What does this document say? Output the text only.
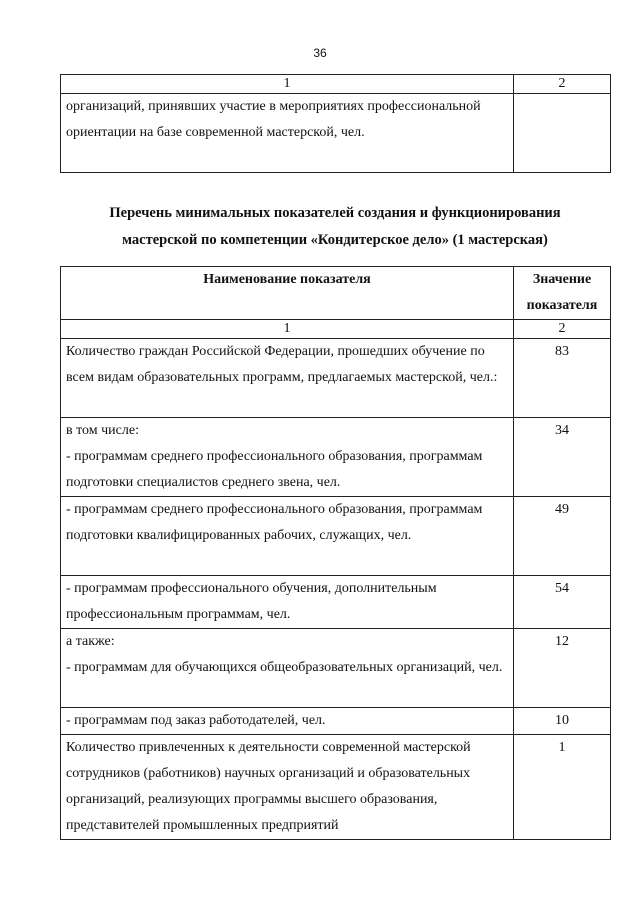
36
1	2
организаций, принявших участие в мероприятиях профессиональной ориентации на базе современной мастерской, чел.	
Перечень минимальных показателей создания и функционирования
мастерской по компетенции «Кондитерское дело» (1 мастерская)
Наименование показателя	Значение показателя
1	2
Количество граждан Российской Федерации, прошедших обучение по всем видам образовательных программ, предлагаемых мастерской, чел.:	83
в том числе:
- программам среднего профессионального образования, программам подготовки специалистов среднего звена, чел.	34
- программам среднего профессионального образования, программам подготовки квалифицированных рабочих, служащих, чел.	49
- программам профессионального обучения, дополнительным профессиональным программам, чел.	54
а также:
- программам для обучающихся общеобразовательных организаций, чел.	12
- программам под заказ работодателей, чел.	10
Количество привлеченных к деятельности современной мастерской сотрудников (работников) научных организаций и образовательных организаций, реализующих программы высшего образования, представителей промышленных предприятий	1
